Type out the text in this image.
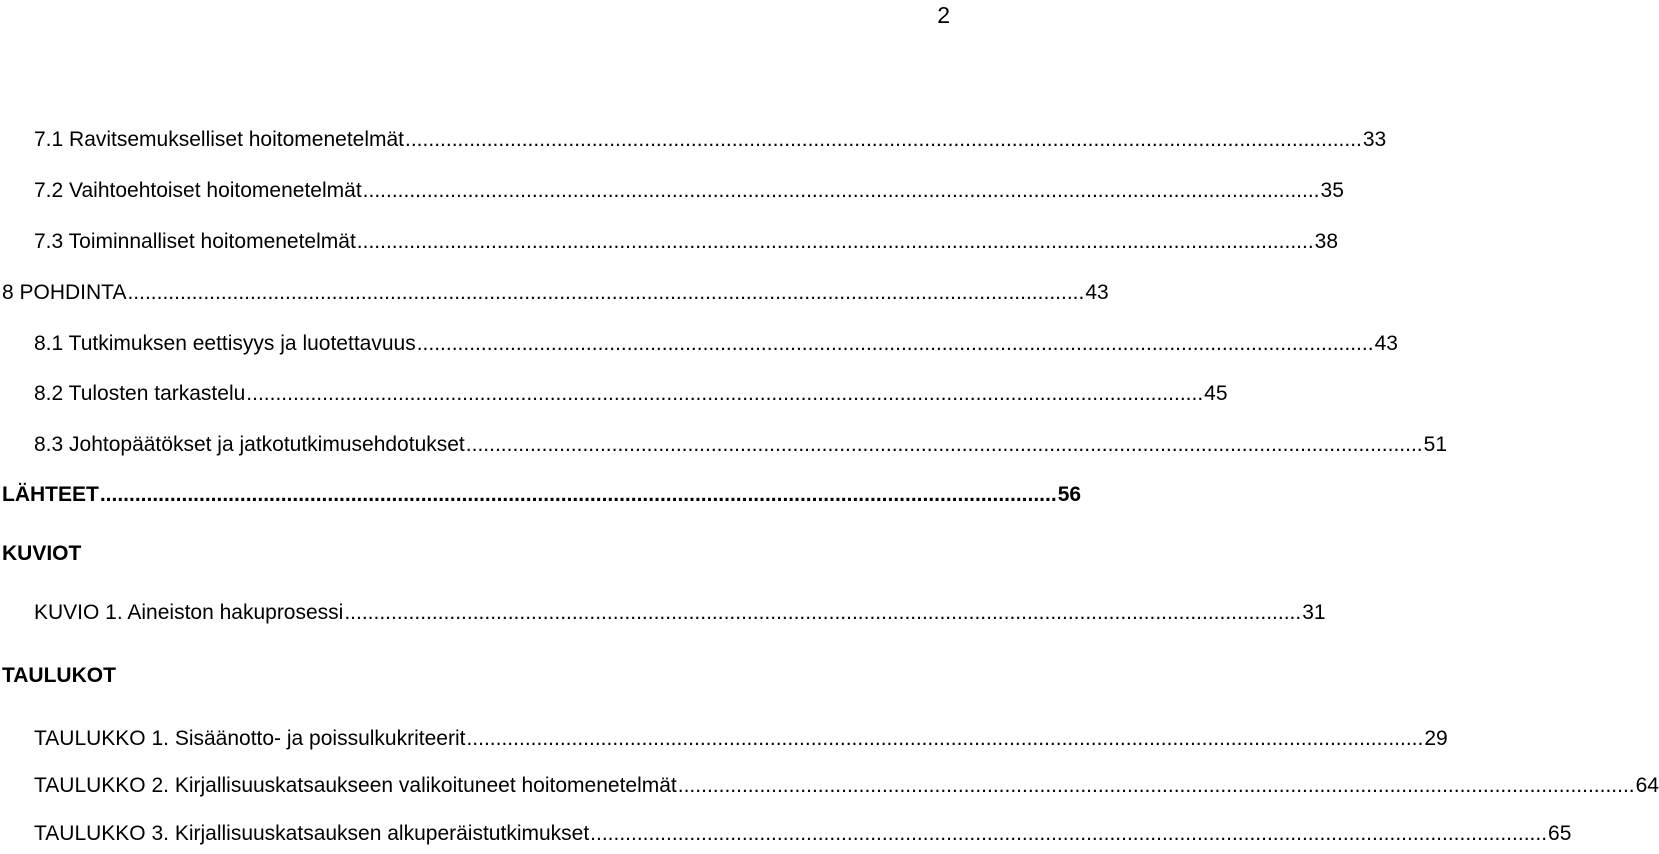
2
7.1 Ravitsemukselliset hoitomenetelmät .................................................................................................................................................................... 33
7.2 Vaihtoehtoiset hoitomenetelmät .................................................................................................................................................................... 35
7.3 Toiminnalliset hoitomenetelmät .................................................................................................................................................................... 38
8 POHDINTA .................................................................................................................................................................... 43
8.1 Tutkimuksen eettisyys ja luotettavuus .................................................................................................................................................................... 43
8.2 Tulosten tarkastelu .................................................................................................................................................................... 45
8.3 Johtopäätökset ja jatkotutkimusehdotukset .................................................................................................................................................................... 51
LÄHTEET .................................................................................................................................................................... 56
KUVIOT
KUVIO 1. Aineiston hakuprosessi .................................................................................................................................................................... 31
TAULUKOT
TAULUKKO 1. Sisäänotto- ja poissulkukriteerit .................................................................................................................................................................... 29
TAULUKKO 2. Kirjallisuuskatsaukseen valikoituneet hoitomenetelmät .................................................................................................................................................................... 64
TAULUKKO 3. Kirjallisuuskatsauksen alkuperäistutkimukset .................................................................................................................................................................... 65
